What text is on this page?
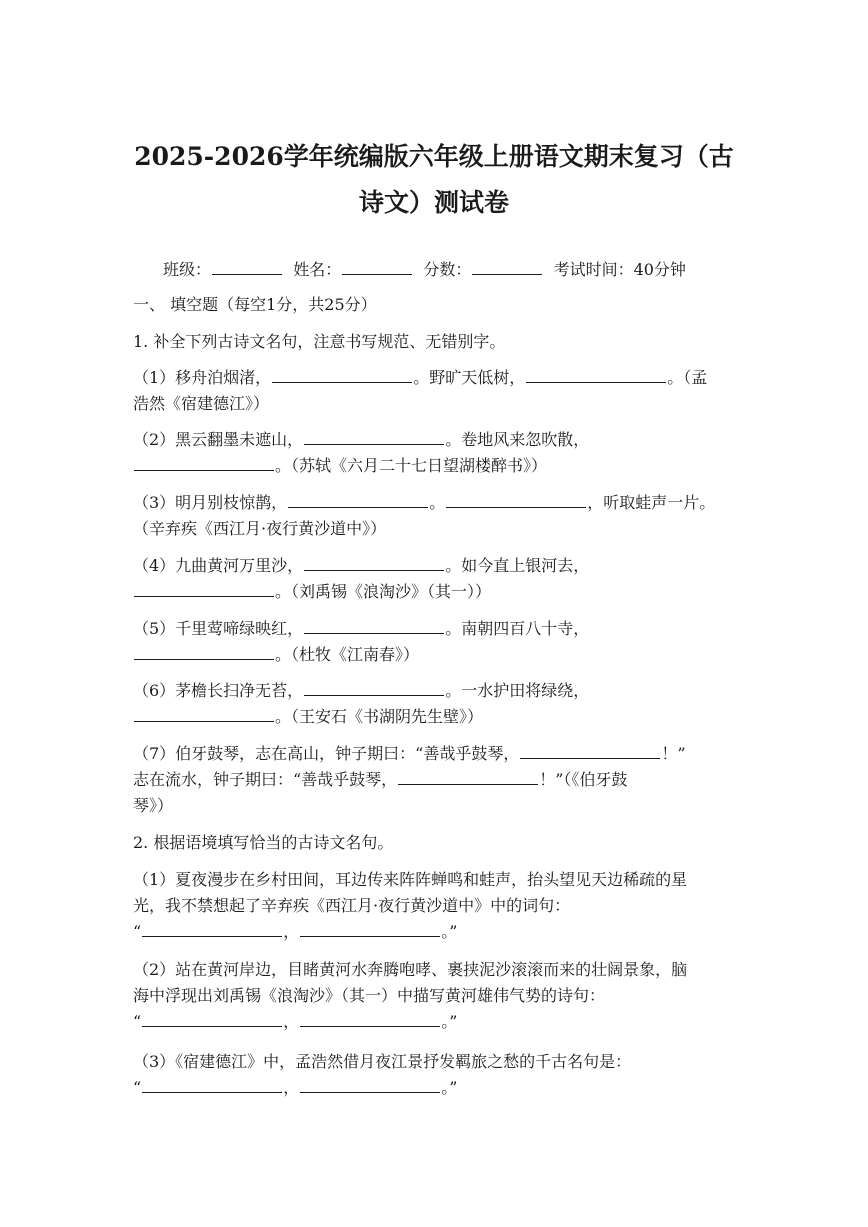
2025-2026学年统编版六年级上册语文期末复习（古
诗文）测试卷
班级：	姓名：	分数：	考试时间：40分钟
一、 填空题（每空1分，共25分）
1. 补全下列古诗文名句，注意书写规范、无错别字。
（1）移舟泊烟渚，	。野旷天低树，	。（孟
浩然《宿建德江》）
（2）黑云翻墨未遮山，	。卷地风来忽吹散，
。（苏轼《六月二十七日望湖楼醉书》）
（3）明月别枝惊鹊，	。	，听取蛙声一片。
（辛弃疾《西江月·夜行黄沙道中》）
（4）九曲黄河万里沙，	。如今直上银河去，
。（刘禹锡《浪淘沙》（其一））
（5）千里莺啼绿映红，	。南朝四百八十寺，
。（杜牧《江南春》）
（6）茅檐长扫净无苔，	。一水护田将绿绕，
。（王安石《书湖阴先生壁》）
（7）伯牙鼓琴，志在高山，钟子期曰：“善哉乎鼓琴，	！”
志在流水，钟子期曰：“善哉乎鼓琴，	！”（《伯牙鼓
琴》）
2. 根据语境填写恰当的古诗文名句。
（1）夏夜漫步在乡村田间，耳边传来阵阵蝉鸣和蛙声，抬头望见天边稀疏的星
光，我不禁想起了辛弃疾《西江月·夜行黄沙道中》中的词句：
“	，	。”
（2）站在黄河岸边，目睹黄河水奔腾咆哮、裹挟泥沙滚滚而来的壮阔景象，脑
海中浮现出刘禹锡《浪淘沙》（其一）中描写黄河雄伟气势的诗句：
“	，	。”
（3）《宿建德江》中，孟浩然借月夜江景抒发羁旅之愁的千古名句是：
“	，	。”
